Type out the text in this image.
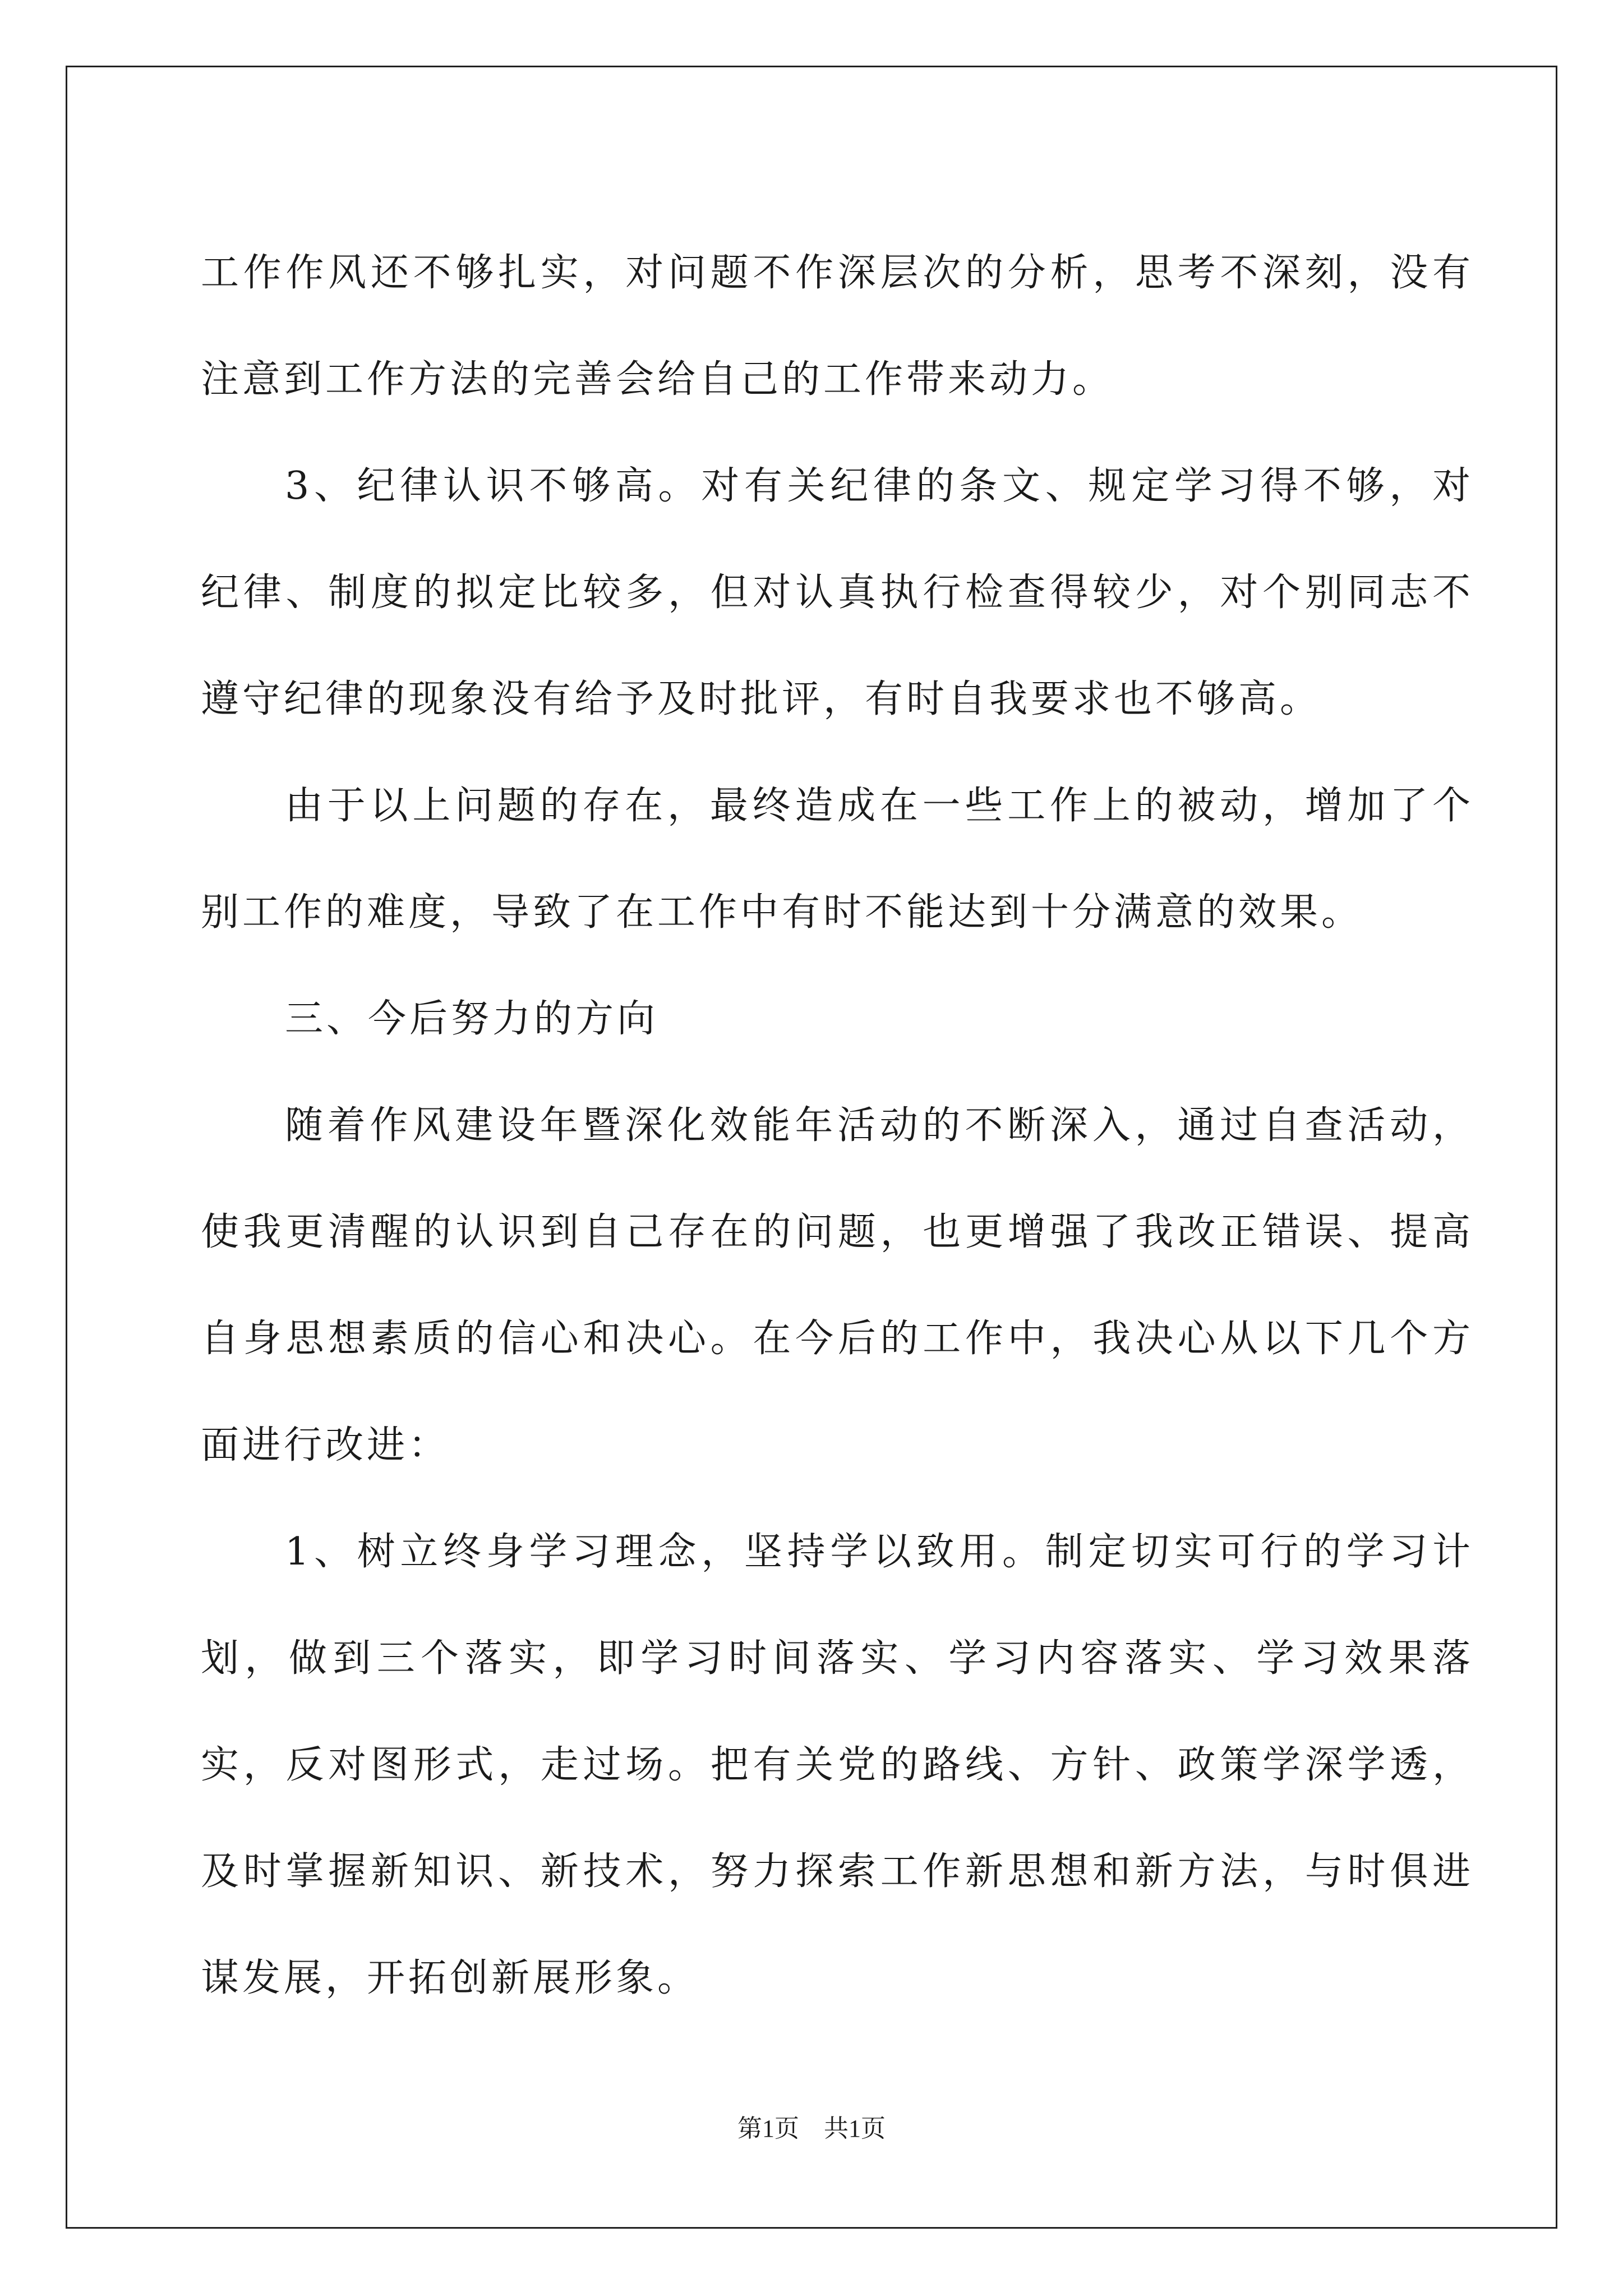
工作作风还不够扎实，对问题不作深层次的分析，思考不深刻，没有注意到工作方法的完善会给自己的工作带来动力。

3、纪律认识不够高。对有关纪律的条文、规定学习得不够，对纪律、制度的拟定比较多，但对认真执行检查得较少，对个别同志不遵守纪律的现象没有给予及时批评，有时自我要求也不够高。

由于以上问题的存在，最终造成在一些工作上的被动，增加了个别工作的难度，导致了在工作中有时不能达到十分满意的效果。

三、今后努力的方向

随着作风建设年暨深化效能年活动的不断深入，通过自查活动，使我更清醒的认识到自己存在的问题，也更增强了我改正错误、提高自身思想素质的信心和决心。在今后的工作中，我决心从以下几个方面进行改进：

1、树立终身学习理念，坚持学以致用。制定切实可行的学习计划，做到三个落实，即学习时间落实、学习内容落实、学习效果落实，反对图形式，走过场。把有关党的路线、方针、政策学深学透，及时掌握新知识、新技术，努力探索工作新思想和新方法，与时俱进谋发展，开拓创新展形象。

第1页　共1页
